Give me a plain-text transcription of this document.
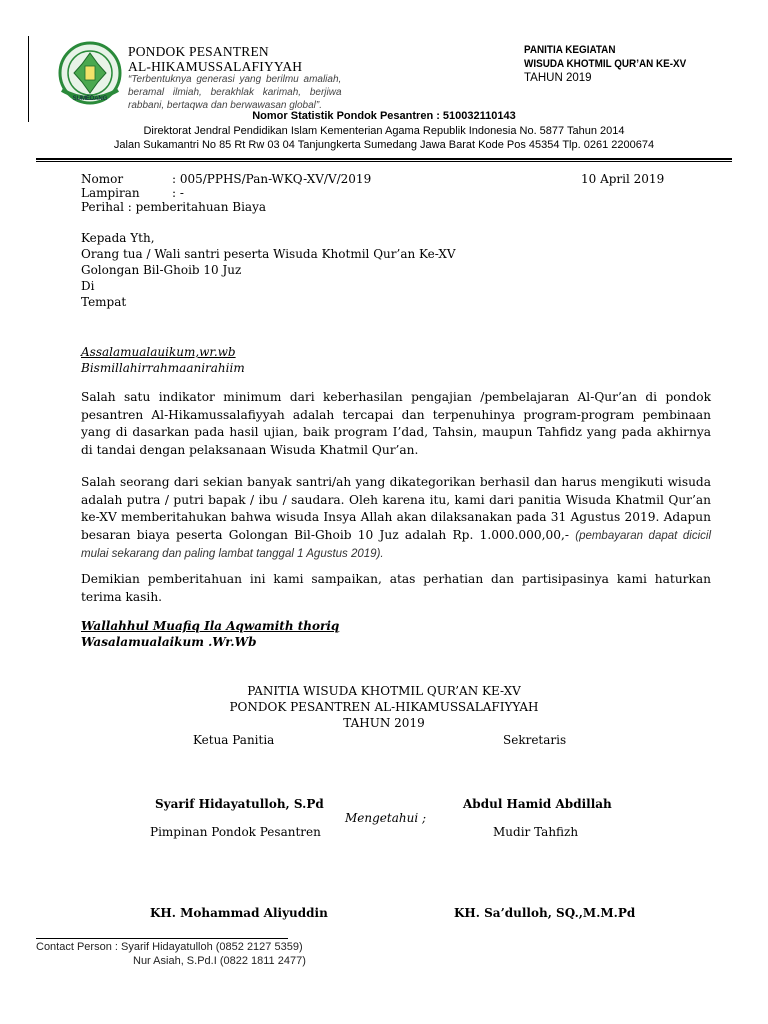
SUMEDANG
PONDOK PESANTREN
AL-HIKAMUSSALAFIYYAH
“Terbentuknya generasi yang berilmu amaliah,
beramal ilmiah, berakhlak karimah, berjiwa
rabbani, bertaqwa dan berwawasan global”.
PANITIA KEGIATAN
WISUDA KHOTMIL QUR’AN KE-XV
TAHUN 2019
Nomor Statistik Pondok Pesantren : 510032110143
Direktorat Jendral Pendidikan Islam Kementerian Agama Republik Indonesia No. 5877 Tahun 2014
Jalan Sukamantri No 85 Rt Rw 03 04 Tanjungkerta Sumedang Jawa Barat Kode Pos 45354 Tlp. 0261 2200674
Nomor	: 005/PPHS/Pan-WKQ-XV/V/2019
Lampiran	: -
Perihal : pemberitahuan Biaya
10 April 2019
Kepada Yth,
Orang tua / Wali santri peserta Wisuda Khotmil Qur’an Ke-XV
Golongan Bil-Ghoib 10 Juz
Di
Tempat
Assalamualauikum,wr.wb
Bismillahirrahmaanirahiim
Salah satu indikator minimum dari keberhasilan pengajian /pembelajaran Al-Qur’an di pondok pesantren Al-Hikamussalafiyyah adalah tercapai dan terpenuhinya program-program pembinaan yang di dasarkan pada hasil ujian, baik program I’dad, Tahsin, maupun Tahfidz yang pada akhirnya di tandai dengan pelaksanaan Wisuda Khatmil Qur’an.
Salah seorang dari sekian banyak santri/ah yang dikategorikan berhasil dan harus mengikuti wisuda adalah putra / putri bapak / ibu / saudara. Oleh karena itu, kami dari panitia Wisuda Khatmil Qur’an ke-XV memberitahukan bahwa wisuda Insya Allah akan dilaksanakan pada 31 Agustus 2019. Adapun besaran biaya peserta Golongan Bil-Ghoib 10 Juz adalah Rp. 1.000.000,00,- (pembayaran dapat dicicil mulai sekarang dan paling lambat tanggal 1 Agustus 2019).
Demikian pemberitahuan ini kami sampaikan, atas perhatian dan partisipasinya kami haturkan terima kasih.
Wallahhul Muafiq Ila Aqwamith thoriq
Wasalamualaikum .Wr.Wb
PANITIA WISUDA KHOTMIL QUR’AN KE-XV
PONDOK PESANTREN AL-HIKAMUSSALAFIYYAH
TAHUN 2019
Ketua Panitia	Sekretaris
Syarif Hidayatulloh, S.Pd	Abdul Hamid Abdillah
Mengetahui ;
Pimpinan Pondok Pesantren	Mudir Tahfizh
KH. Mohammad Aliyuddin	KH. Sa’dulloh, SQ.,M.M.Pd
Contact Person : Syarif Hidayatulloh (0852 2127 5359)
Nur Asiah, S.Pd.I (0822 1811 2477)
